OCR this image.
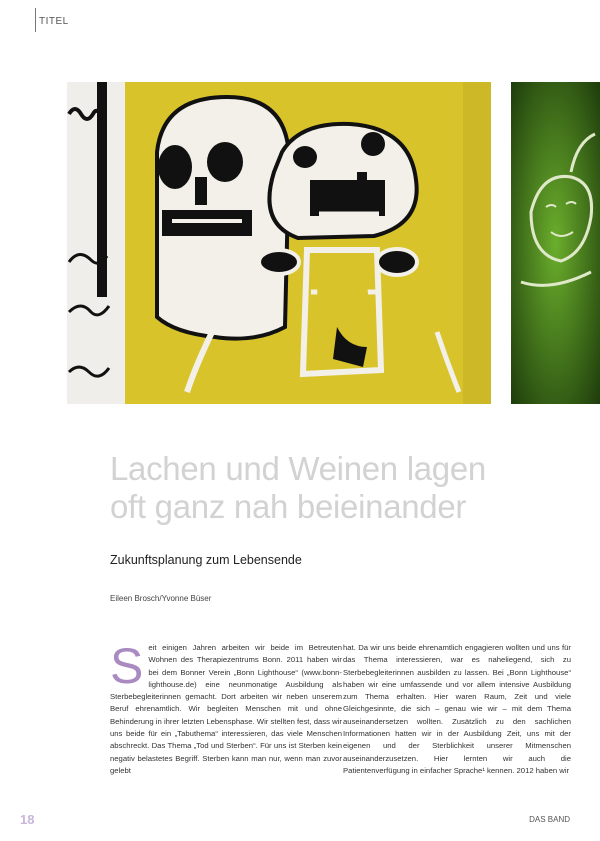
TITEL
Lachen und Weinen lagen
oft ganz nah beieinander
Zukunftsplanung zum Lebensende
Eileen Brosch/Yvonne Büser
Seit einigen Jahren arbeiten wir beide im Betreuten Wohnen des Therapiezentrums Bonn. 2011 haben wir bei dem Bonner Verein „Bonn Lighthouse“ (www.bonn-lighthouse.de) eine neunmonatige Ausbildung als Sterbebegleiterinnen gemacht. Dort arbeiten wir neben unserem Beruf ehrenamtlich. Wir begleiten Menschen mit und ohne Behinderung in ihrer letzten Lebensphase. Wir stellten fest, dass wir uns beide für ein „Tabuthema“ interessieren, das viele Menschen abschreckt. Das Thema „Tod und Sterben“. Für uns ist Sterben kein negativ belastetes Begriff. Sterben kann man nur, wenn man zuvor gelebt
hat. Da wir uns beide ehrenamtlich engagieren wollten und uns für das Thema interessieren, war es naheliegend, sich zu Sterbebegleiterinnen ausbilden zu lassen. Bei „Bonn Lighthouse“ haben wir eine umfassende und vor allem intensive Ausbildung zum Thema erhalten. Hier waren Raum, Zeit und viele Gleichgesinnte, die sich – genau wie wir – mit dem Thema auseinandersetzen wollten. Zusätzlich zu den sachlichen Informationen hatten wir in der Ausbildung Zeit, uns mit der eigenen und der Sterblichkeit unserer Mitmenschen auseinanderzusetzen. Hier lernten wir auch die Patientenverfügung in einfacher Sprache¹ kennen. 2012 haben wir
18	DAS BAND
